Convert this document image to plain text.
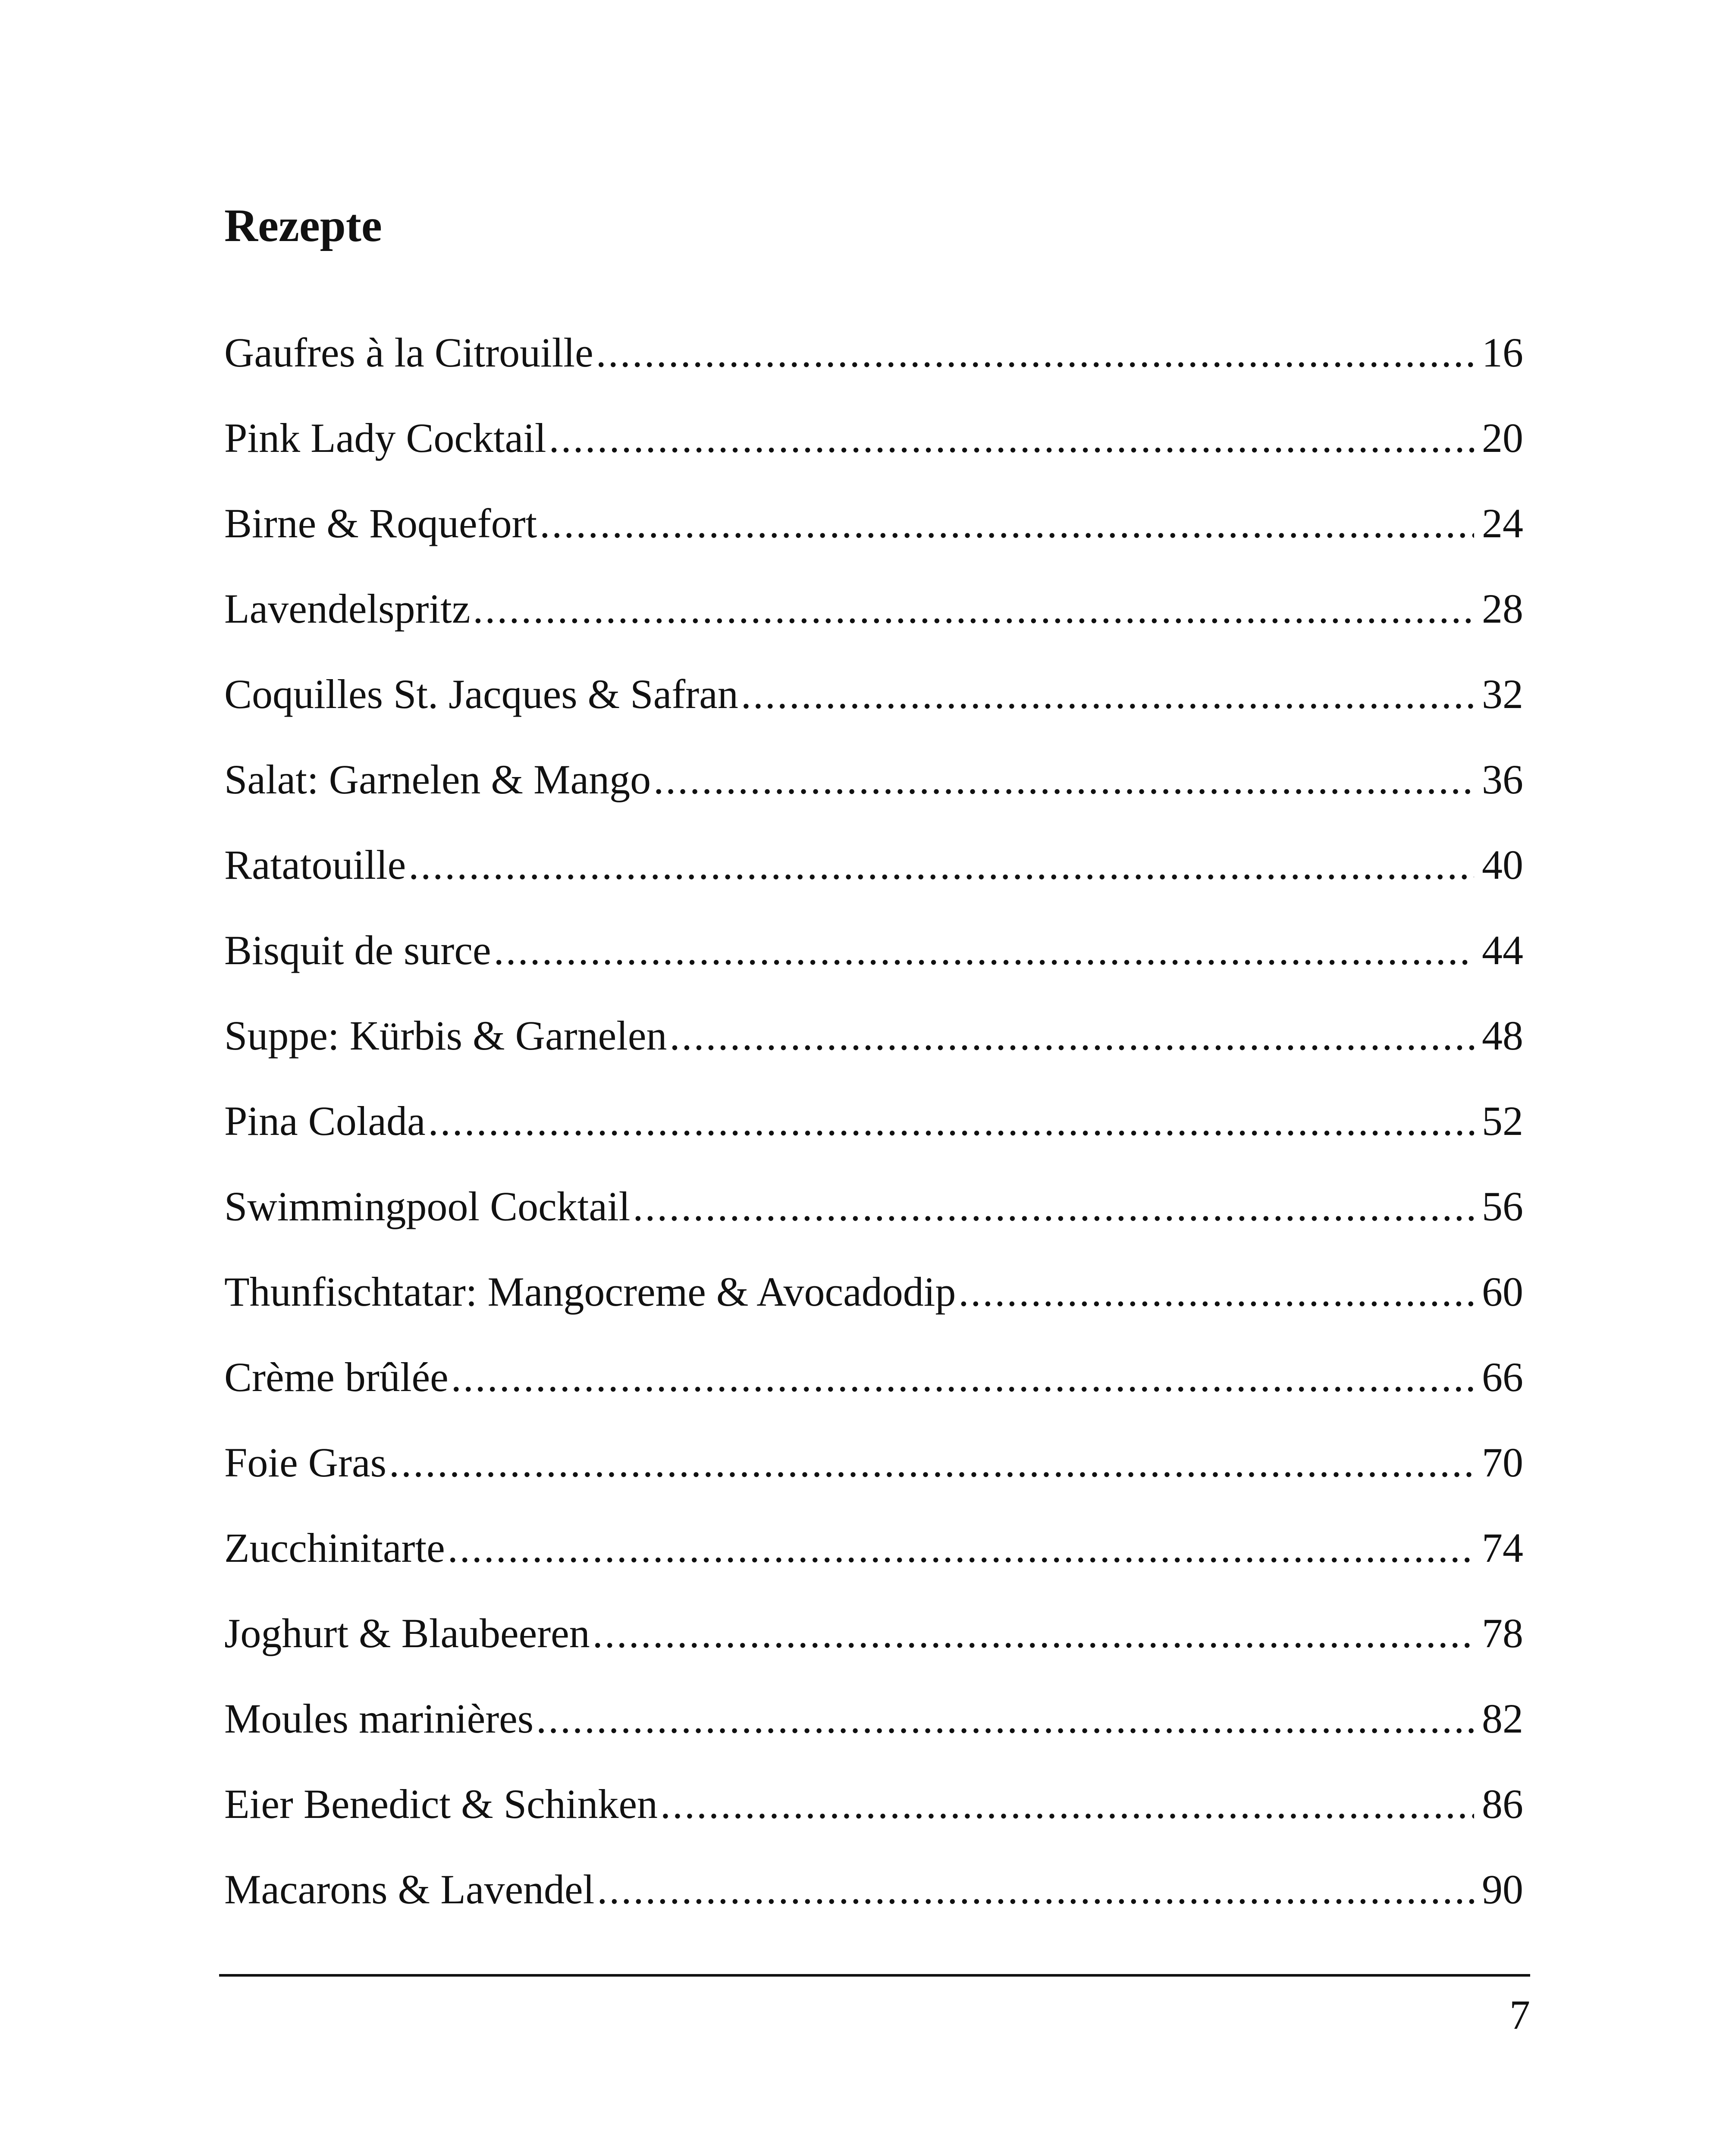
Rezepte
Gaufres à la Citrouille .....	16
Pink Lady Cocktail .....	20
Birne & Roquefort .....	24
Lavendelspritz .....	28
Coquilles St. Jacques & Safran .....	32
Salat: Garnelen & Mango .....	36
Ratatouille .....	40
Bisquit de surce .....	44
Suppe: Kürbis & Garnelen .....	48
Pina Colada .....	52
Swimmingpool Cocktail .....	56
Thunfischtatar: Mangocreme & Avocadodip .....	60
Crème brûlée .....	66
Foie Gras .....	70
Zucchinitarte .....	74
Joghurt & Blaubeeren .....	78
Moules marinières .....	82
Eier Benedict & Schinken .....	86
Macarons & Lavendel .....	90
7
